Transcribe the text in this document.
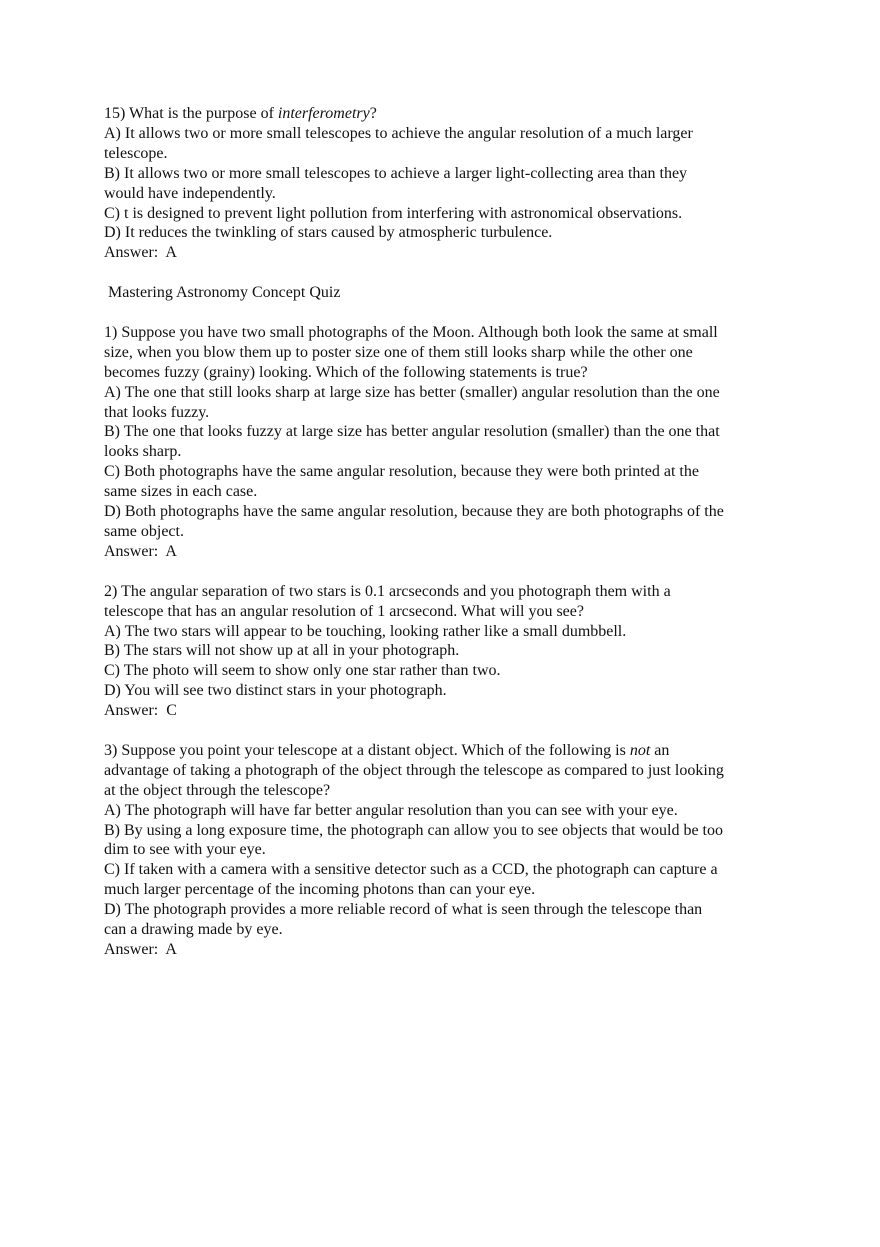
15) What is the purpose of interferometry?
A) It allows two or more small telescopes to achieve the angular resolution of a much larger
telescope.
B) It allows two or more small telescopes to achieve a larger light-collecting area than they
would have independently.
C) t is designed to prevent light pollution from interfering with astronomical observations.
D) It reduces the twinkling of stars caused by atmospheric turbulence.
Answer:  A
Mastering Astronomy Concept Quiz
1) Suppose you have two small photographs of the Moon. Although both look the same at small
size, when you blow them up to poster size one of them still looks sharp while the other one
becomes fuzzy (grainy) looking. Which of the following statements is true?
A) The one that still looks sharp at large size has better (smaller) angular resolution than the one
that looks fuzzy.
B) The one that looks fuzzy at large size has better angular resolution (smaller) than the one that
looks sharp.
C) Both photographs have the same angular resolution, because they were both printed at the
same sizes in each case.
D) Both photographs have the same angular resolution, because they are both photographs of the
same object.
Answer:  A
2) The angular separation of two stars is 0.1 arcseconds and you photograph them with a
telescope that has an angular resolution of 1 arcsecond. What will you see?
A) The two stars will appear to be touching, looking rather like a small dumbbell.
B) The stars will not show up at all in your photograph.
C) The photo will seem to show only one star rather than two.
D) You will see two distinct stars in your photograph.
Answer:  C
3) Suppose you point your telescope at a distant object. Which of the following is not an
advantage of taking a photograph of the object through the telescope as compared to just looking
at the object through the telescope?
A) The photograph will have far better angular resolution than you can see with your eye.
B) By using a long exposure time, the photograph can allow you to see objects that would be too
dim to see with your eye.
C) If taken with a camera with a sensitive detector such as a CCD, the photograph can capture a
much larger percentage of the incoming photons than can your eye.
D) The photograph provides a more reliable record of what is seen through the telescope than
can a drawing made by eye.
Answer:  A
